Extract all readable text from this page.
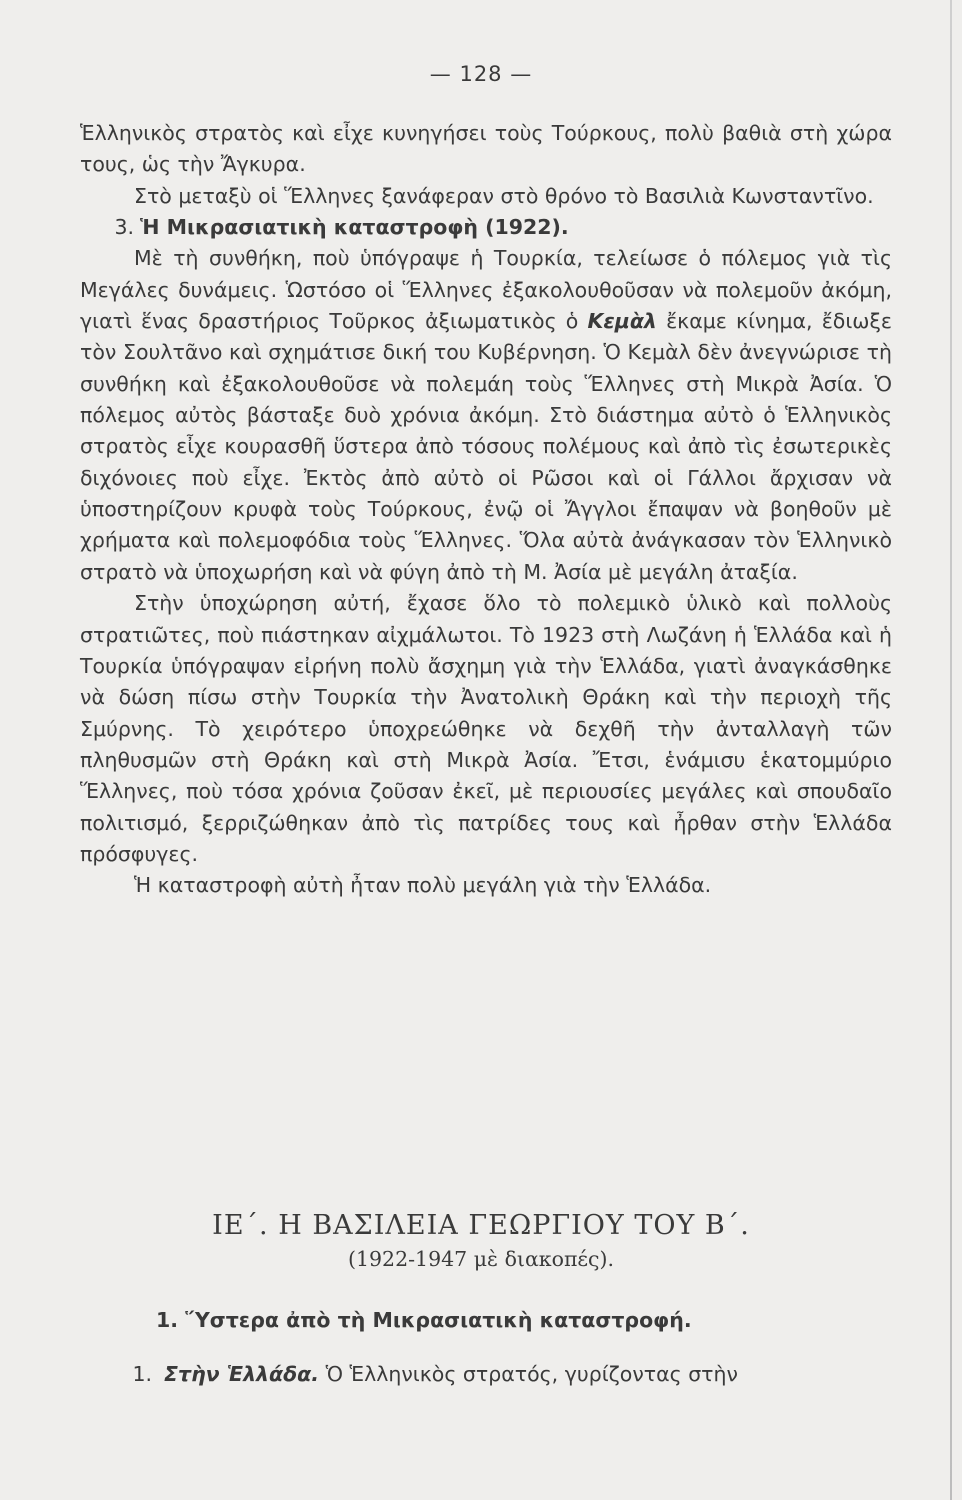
— 128 —

Ἑλληνικὸς στρατὸς καὶ εἶχε κυνηγήσει τοὺς Τούρκους, πολὺ βαθιὰ στὴ χώρα τους, ὡς τὴν Ἄγκυρα.

Στὸ μεταξὺ οἱ Ἕλληνες ξανάφεραν στὸ θρόνο τὸ Βασιλιὰ Κωνσταντῖνο.

3. Ἡ Μικρασιατικὴ καταστροφὴ (1922).

Μὲ τὴ συνθήκη, ποὺ ὑπόγραψε ἡ Τουρκία, τελείωσε ὁ πόλεμος γιὰ τὶς Μεγάλες δυνάμεις. Ὡστόσο οἱ Ἕλληνες ἐξακολουθοῦσαν νὰ πολεμοῦν ἀκόμη, γιατὶ ἕνας δραστήριος Τοῦρκος ἀξιωματικὸς ὁ Κεμὰλ ἔκαμε κίνημα, ἔδιωξε τὸν Σουλτᾶνο καὶ σχημάτισε δική του Κυβέρνηση. Ὁ Κεμὰλ δὲν ἀνεγνώρισε τὴ συνθήκη καὶ ἐξακολουθοῦσε νὰ πολεμάη τοὺς Ἕλληνες στὴ Μικρὰ Ἀσία. Ὁ πόλεμος αὐτὸς βάσταξε δυὸ χρόνια ἀκόμη. Στὸ διάστημα αὐτὸ ὁ Ἑλληνικὸς στρατὸς εἶχε κουρασθῆ ὕστερα ἀπὸ τόσους πολέμους καὶ ἀπὸ τὶς ἐσωτερικὲς διχόνοιες ποὺ εἶχε. Ἐκτὸς ἀπὸ αὐτὸ οἱ Ρῶσοι καὶ οἱ Γάλλοι ἄρχισαν νὰ ὑποστηρίζουν κρυφὰ τοὺς Τούρκους, ἐνῷ οἱ Ἄγγλοι ἔπαψαν νὰ βοηθοῦν μὲ χρήματα καὶ πολεμοφόδια τοὺς Ἕλληνες. Ὅλα αὐτὰ ἀνάγκασαν τὸν Ἑλληνικὸ στρατὸ νὰ ὑποχωρήση καὶ νὰ φύγη ἀπὸ τὴ Μ. Ἀσία μὲ μεγάλη ἀταξία.

Στὴν ὑποχώρηση αὐτή, ἔχασε ὅλο τὸ πολεμικὸ ὑλικὸ καὶ πολλοὺς στρατιῶτες, ποὺ πιάστηκαν αἰχμάλωτοι. Τὸ 1923 στὴ Λωζάνη ἡ Ἑλλάδα καὶ ἡ Τουρκία ὑπόγραψαν εἰρήνη πολὺ ἄσχημη γιὰ τὴν Ἑλλάδα, γιατὶ ἀναγκάσθηκε νὰ δώση πίσω στὴν Τουρκία τὴν Ἀνατολικὴ Θράκη καὶ τὴν περιοχὴ τῆς Σμύρνης. Τὸ χειρότερο ὑποχρεώθηκε νὰ δεχθῆ τὴν ἀνταλλαγὴ τῶν πληθυσμῶν στὴ Θράκη καὶ στὴ Μικρὰ Ἀσία. Ἔτσι, ἑνάμισυ ἑκατομμύριο Ἕλληνες, ποὺ τόσα χρόνια ζοῦσαν ἐκεῖ, μὲ περιουσίες μεγάλες καὶ σπουδαῖο πολιτισμό, ξερριζώθηκαν ἀπὸ τὶς πατρίδες τους καὶ ἦρθαν στὴν Ἑλλάδα πρόσφυγες.

Ἡ καταστροφὴ αὐτὴ ἦταν πολὺ μεγάλη γιὰ τὴν Ἑλλάδα.

ΙΕ΄. Η ΒΑΣΙΛΕΙΑ ΓΕΩΡΓΙΟΥ ΤΟΥ Β΄.
(1922-1947 μὲ διακοπές).
1. Ὕστερα ἀπὸ τὴ Μικρασιατικὴ καταστροφή.
1. Στὴν Ἑλλάδα. Ὁ Ἑλληνικὸς στρατός, γυρίζοντας στὴν
